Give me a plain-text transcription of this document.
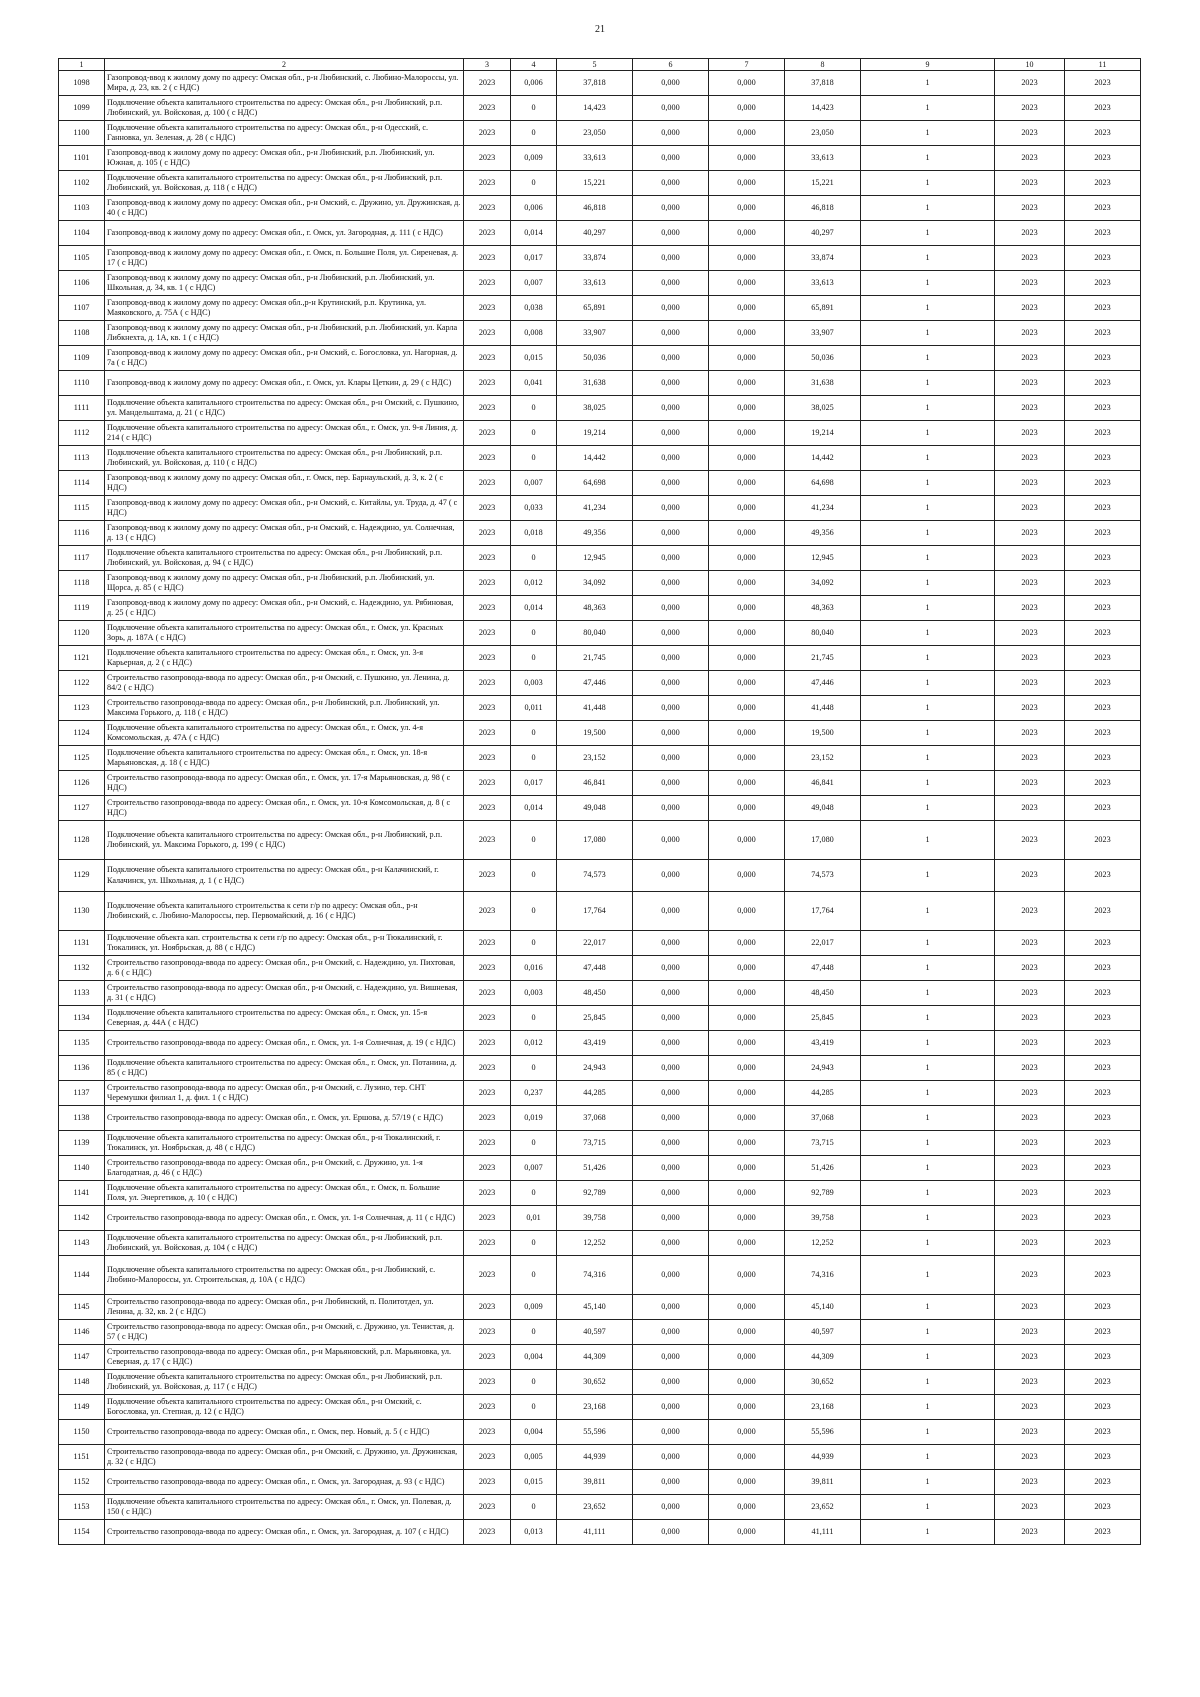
21
1	2	3	4	5	6	7	8	9	10	11
1098	Газопровод-ввод к жилому дому по адресу: Омская обл., р-н Любинский, с. Любино-Малороссы, ул. Мира, д. 23, кв. 2 ( с НДС)	2023	0,006	37,818	0,000	0,000	37,818	1	2023	2023
1099	Подключение объекта капитального строительства по адресу: Омская обл., р-н Любинский, р.п. Любинский, ул. Войсковая, д. 100 ( с НДС)	2023	0	14,423	0,000	0,000	14,423	1	2023	2023
1100	Подключение объекта капитального строительства по адресу: Омская обл., р-н Одесский, с. Ганновка, ул. Зеленая, д. 28 ( с НДС)	2023	0	23,050	0,000	0,000	23,050	1	2023	2023
1101	Газопровод-ввод к жилому дому по адресу: Омская обл., р-н Любинский, р.п. Любинский, ул. Южная, д. 105 ( с НДС)	2023	0,009	33,613	0,000	0,000	33,613	1	2023	2023
1102	Подключение объекта капитального строительства по адресу: Омская обл., р-н Любинский, р.п. Любинский, ул. Войсковая, д. 118 ( с НДС)	2023	0	15,221	0,000	0,000	15,221	1	2023	2023
1103	Газопровод-ввод к жилому дому по адресу: Омская обл., р-н Омский, с. Дружино, ул. Дружинская, д. 40 ( с НДС)	2023	0,006	46,818	0,000	0,000	46,818	1	2023	2023
1104	Газопровод-ввод к жилому дому по адресу: Омская обл., г. Омск, ул. Загородная, д. 111 ( с НДС)	2023	0,014	40,297	0,000	0,000	40,297	1	2023	2023
1105	Газопровод-ввод к жилому дому по адресу: Омская обл., г. Омск, п. Большие Поля, ул. Сиреневая, д. 17 ( с НДС)	2023	0,017	33,874	0,000	0,000	33,874	1	2023	2023
1106	Газопровод-ввод к жилому дому по адресу: Омская обл., р-н Любинский, р.п. Любинский, ул. Школьная, д. 34, кв. 1 ( с НДС)	2023	0,007	33,613	0,000	0,000	33,613	1	2023	2023
1107	Газопровод-ввод к жилому дому по адресу: Омская обл.,р-н Крутинский, р.п. Крутинка, ул. Маяковского, д. 75А ( с НДС)	2023	0,038	65,891	0,000	0,000	65,891	1	2023	2023
1108	Газопровод-ввод к жилому дому по адресу: Омская обл., р-н Любинский, р.п. Любинский, ул. Карла Либкнехта, д. 1А, кв. 1 ( с НДС)	2023	0,008	33,907	0,000	0,000	33,907	1	2023	2023
1109	Газопровод-ввод к жилому дому по адресу: Омская обл., р-н Омский, с. Богословка, ул. Нагорная, д. 7а ( с НДС)	2023	0,015	50,036	0,000	0,000	50,036	1	2023	2023
1110	Газопровод-ввод к жилому дому по адресу: Омская обл., г. Омск, ул. Клары Цеткин, д. 29 ( с НДС)	2023	0,041	31,638	0,000	0,000	31,638	1	2023	2023
1111	Подключение объекта капитального строительства по адресу: Омская обл., р-н Омский, с. Пушкино, ул. Мандельштама, д. 21 ( с НДС)	2023	0	38,025	0,000	0,000	38,025	1	2023	2023
1112	Подключение объекта капитального строительства по адресу: Омская обл., г. Омск, ул. 9-я Линия, д. 214 ( с НДС)	2023	0	19,214	0,000	0,000	19,214	1	2023	2023
1113	Подключение объекта капитального строительства по адресу: Омская обл., р-н Любинский, р.п. Любинский, ул. Войсковая, д. 110 ( с НДС)	2023	0	14,442	0,000	0,000	14,442	1	2023	2023
1114	Газопровод-ввод к жилому дому по адресу: Омская обл., г. Омск, пер. Барнаульский, д. 3, к. 2 ( с НДС)	2023	0,007	64,698	0,000	0,000	64,698	1	2023	2023
1115	Газопровод-ввод к жилому дому по адресу: Омская обл., р-н Омский, с. Китайлы, ул. Труда, д. 47 ( с НДС)	2023	0,033	41,234	0,000	0,000	41,234	1	2023	2023
1116	Газопровод-ввод к жилому дому по адресу: Омская обл., р-н Омский, с. Надеждино, ул. Солнечная, д. 13 ( с НДС)	2023	0,018	49,356	0,000	0,000	49,356	1	2023	2023
1117	Подключение объекта капитального строительства по адресу: Омская обл., р-н Любинский, р.п. Любинский, ул. Войсковая, д. 94 ( с НДС)	2023	0	12,945	0,000	0,000	12,945	1	2023	2023
1118	Газопровод-ввод к жилому дому по адресу: Омская обл., р-н Любинский, р.п. Любинский, ул. Щорса, д. 85 ( с НДС)	2023	0,012	34,092	0,000	0,000	34,092	1	2023	2023
1119	Газопровод-ввод к жилому дому по адресу: Омская обл., р-н Омский, с. Надеждино, ул. Рябиновая, д. 25 ( с НДС)	2023	0,014	48,363	0,000	0,000	48,363	1	2023	2023
1120	Подключение объекта капитального строительства по адресу: Омская обл., г. Омск, ул. Красных Зорь, д. 187А ( с НДС)	2023	0	80,040	0,000	0,000	80,040	1	2023	2023
1121	Подключение объекта капитального строительства по адресу: Омская обл., г. Омск, ул. 3-я Карьерная, д. 2 ( с НДС)	2023	0	21,745	0,000	0,000	21,745	1	2023	2023
1122	Строительство газопровода-ввода по адресу: Омская обл., р-н Омский, с. Пушкино, ул. Ленина, д. 84/2 ( с НДС)	2023	0,003	47,446	0,000	0,000	47,446	1	2023	2023
1123	Строительство газопровода-ввода по адресу: Омская обл., р-н Любинский, р.п. Любинский, ул. Максима Горького, д. 118 ( с НДС)	2023	0,011	41,448	0,000	0,000	41,448	1	2023	2023
1124	Подключение объекта капитального строительства по адресу: Омская обл., г. Омск, ул. 4-я Комсомольская, д. 47А ( с НДС)	2023	0	19,500	0,000	0,000	19,500	1	2023	2023
1125	Подключение объекта капитального строительства по адресу: Омская обл., г. Омск, ул. 18-я Марьяновская, д. 18 ( с НДС)	2023	0	23,152	0,000	0,000	23,152	1	2023	2023
1126	Строительство газопровода-ввода по адресу: Омская обл., г. Омск, ул. 17-я Марьяновская, д. 98 ( с НДС)	2023	0,017	46,841	0,000	0,000	46,841	1	2023	2023
1127	Строительство газопровода-ввода по адресу: Омская обл., г. Омск, ул. 10-я Комсомольская, д. 8 ( с НДС)	2023	0,014	49,048	0,000	0,000	49,048	1	2023	2023
1128	Подключение объекта капитального строительства по адресу: Омская обл., р-н Любинский, р.п. Любинский, ул. Максима Горького, д. 199 ( с НДС)	2023	0	17,080	0,000	0,000	17,080	1	2023	2023
1129	Подключение объекта капитального строительства по адресу: Омская обл., р-н Калачинский, г. Калачинск, ул. Школьная, д. 1 ( с НДС)	2023	0	74,573	0,000	0,000	74,573	1	2023	2023
1130	Подключение объекта капитального строительства к сети г/р по адресу: Омская обл., р-н Любинский, с. Любино-Малороссы, пер. Первомайский, д. 16 ( с НДС)	2023	0	17,764	0,000	0,000	17,764	1	2023	2023
1131	Подключение объекта кап. строительства к сети г/р по адресу: Омская обл., р-н Тюкалинский, г. Тюкалинск, ул. Ноябрьская, д. 88 ( с НДС)	2023	0	22,017	0,000	0,000	22,017	1	2023	2023
1132	Строительство газопровода-ввода по адресу: Омская обл., р-н Омский, с. Надеждино, ул. Пихтовая, д. 6 ( с НДС)	2023	0,016	47,448	0,000	0,000	47,448	1	2023	2023
1133	Строительство газопровода-ввода по адресу: Омская обл., р-н Омский, с. Надеждино, ул. Вишневая, д. 31 ( с НДС)	2023	0,003	48,450	0,000	0,000	48,450	1	2023	2023
1134	Подключение объекта капитального строительства по адресу: Омская обл., г. Омск, ул. 15-я Северная, д. 44А ( с НДС)	2023	0	25,845	0,000	0,000	25,845	1	2023	2023
1135	Строительство газопровода-ввода по адресу: Омская обл., г. Омск, ул. 1-я Солнечная, д. 19 ( с НДС)	2023	0,012	43,419	0,000	0,000	43,419	1	2023	2023
1136	Подключение объекта капитального строительства по адресу: Омская обл., г. Омск, ул. Потанина, д. 85 ( с НДС)	2023	0	24,943	0,000	0,000	24,943	1	2023	2023
1137	Строительство газопровода-ввода по адресу: Омская обл., р-н Омский, с. Лузино, тер. СНТ Черемушки филиал 1, д. фил. 1 ( с НДС)	2023	0,237	44,285	0,000	0,000	44,285	1	2023	2023
1138	Строительство газопровода-ввода по адресу: Омская обл., г. Омск, ул. Ершова, д. 57/19 ( с НДС)	2023	0,019	37,068	0,000	0,000	37,068	1	2023	2023
1139	Подключение объекта капитального строительства по адресу: Омская обл., р-н Тюкалинский, г. Тюкалинск, ул. Ноябрьская, д. 48 ( с НДС)	2023	0	73,715	0,000	0,000	73,715	1	2023	2023
1140	Строительство газопровода-ввода по адресу: Омская обл., р-н Омский, с. Дружино, ул. 1-я Благодатная, д. 46 ( с НДС)	2023	0,007	51,426	0,000	0,000	51,426	1	2023	2023
1141	Подключение объекта капитального строительства по адресу: Омская обл., г. Омск, п. Большие Поля, ул. Энергетиков, д. 10 ( с НДС)	2023	0	92,789	0,000	0,000	92,789	1	2023	2023
1142	Строительство газопровода-ввода по адресу: Омская обл., г. Омск, ул. 1-я Солнечная, д. 11 ( с НДС)	2023	0,01	39,758	0,000	0,000	39,758	1	2023	2023
1143	Подключение объекта капитального строительства по адресу: Омская обл., р-н Любинский, р.п. Любинский, ул. Войсковая, д. 104 ( с НДС)	2023	0	12,252	0,000	0,000	12,252	1	2023	2023
1144	Подключение объекта капитального строительства по адресу: Омская обл., р-н Любинский, с. Любино-Малороссы, ул. Строительская, д. 10А ( с НДС)	2023	0	74,316	0,000	0,000	74,316	1	2023	2023
1145	Строительство газопровода-ввода по адресу: Омская обл., р-н Любинский, п. Политотдел, ул. Ленина, д. 32, кв. 2 ( с НДС)	2023	0,009	45,140	0,000	0,000	45,140	1	2023	2023
1146	Строительство газопровода-ввода по адресу: Омская обл., р-н Омский, с. Дружино, ул. Тенистая, д. 57 ( с НДС)	2023	0	40,597	0,000	0,000	40,597	1	2023	2023
1147	Строительство газопровода-ввода по адресу: Омская обл., р-н Марьяновский, р.п. Марьяновка, ул. Северная, д. 17 ( с НДС)	2023	0,004	44,309	0,000	0,000	44,309	1	2023	2023
1148	Подключение объекта капитального строительства по адресу: Омская обл., р-н Любинский, р.п. Любинский, ул. Войсковая, д. 117 ( с НДС)	2023	0	30,652	0,000	0,000	30,652	1	2023	2023
1149	Подключение объекта капитального строительства по адресу: Омская обл., р-н Омский, с. Богословка, ул. Степная, д. 12 ( с НДС)	2023	0	23,168	0,000	0,000	23,168	1	2023	2023
1150	Строительство газопровода-ввода по адресу: Омская обл., г. Омск, пер. Новый, д. 5 ( с НДС)	2023	0,004	55,596	0,000	0,000	55,596	1	2023	2023
1151	Строительство газопровода-ввода по адресу: Омская обл., р-н Омский, с. Дружино, ул. Дружинская, д. 32 ( с НДС)	2023	0,005	44,939	0,000	0,000	44,939	1	2023	2023
1152	Строительство газопровода-ввода по адресу: Омская обл., г. Омск, ул. Загородная, д. 93 ( с НДС)	2023	0,015	39,811	0,000	0,000	39,811	1	2023	2023
1153	Подключение объекта капитального строительства по адресу: Омская обл., г. Омск, ул. Полевая, д. 150 ( с НДС)	2023	0	23,652	0,000	0,000	23,652	1	2023	2023
1154	Строительство газопровода-ввода по адресу: Омская обл., г. Омск, ул. Загородная, д. 107 ( с НДС)	2023	0,013	41,111	0,000	0,000	41,111	1	2023	2023
